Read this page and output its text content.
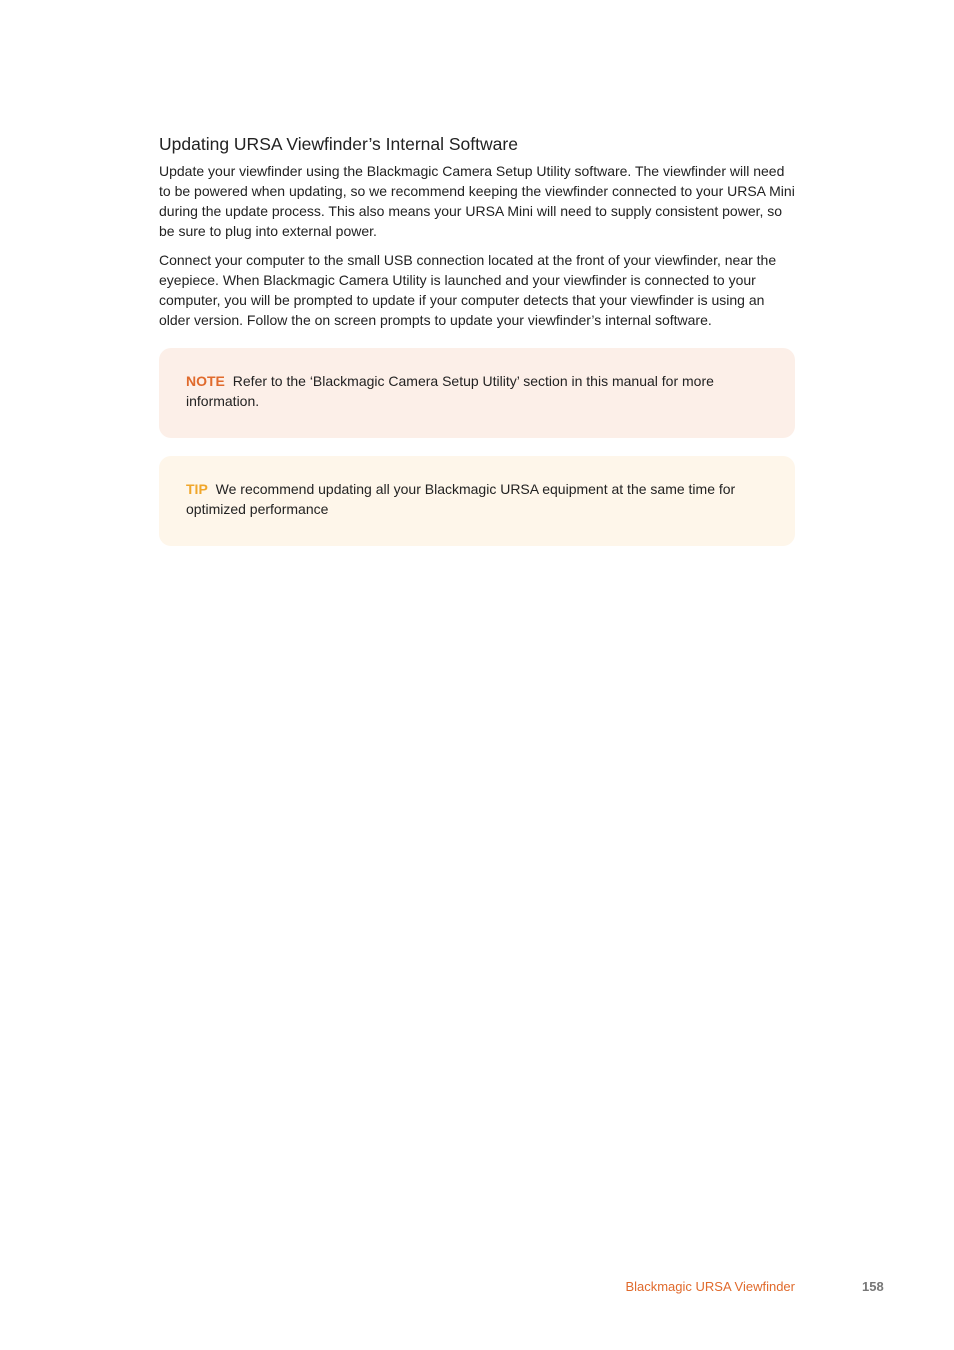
Updating URSA Viewfinder’s Internal Software

Update your viewfinder using the Blackmagic Camera Setup Utility software. The viewfinder will need to be powered when updating, so we recommend keeping the viewfinder connected to your URSA Mini during the update process. This also means your URSA Mini will need to supply consistent power, so be sure to plug into external power.

Connect your computer to the small USB connection located at the front of your viewfinder, near the eyepiece. When Blackmagic Camera Utility is launched and your viewfinder is connected to your computer, you will be prompted to update if your computer detects that your viewfinder is using an older version. Follow the on screen prompts to update your viewfinder’s internal software.

NOTE Refer to the ‘Blackmagic Camera Setup Utility’ section in this manual for more information.
TIP We recommend updating all your Blackmagic URSA equipment at the same time for optimized performance
Blackmagic URSA Viewfinder	158
